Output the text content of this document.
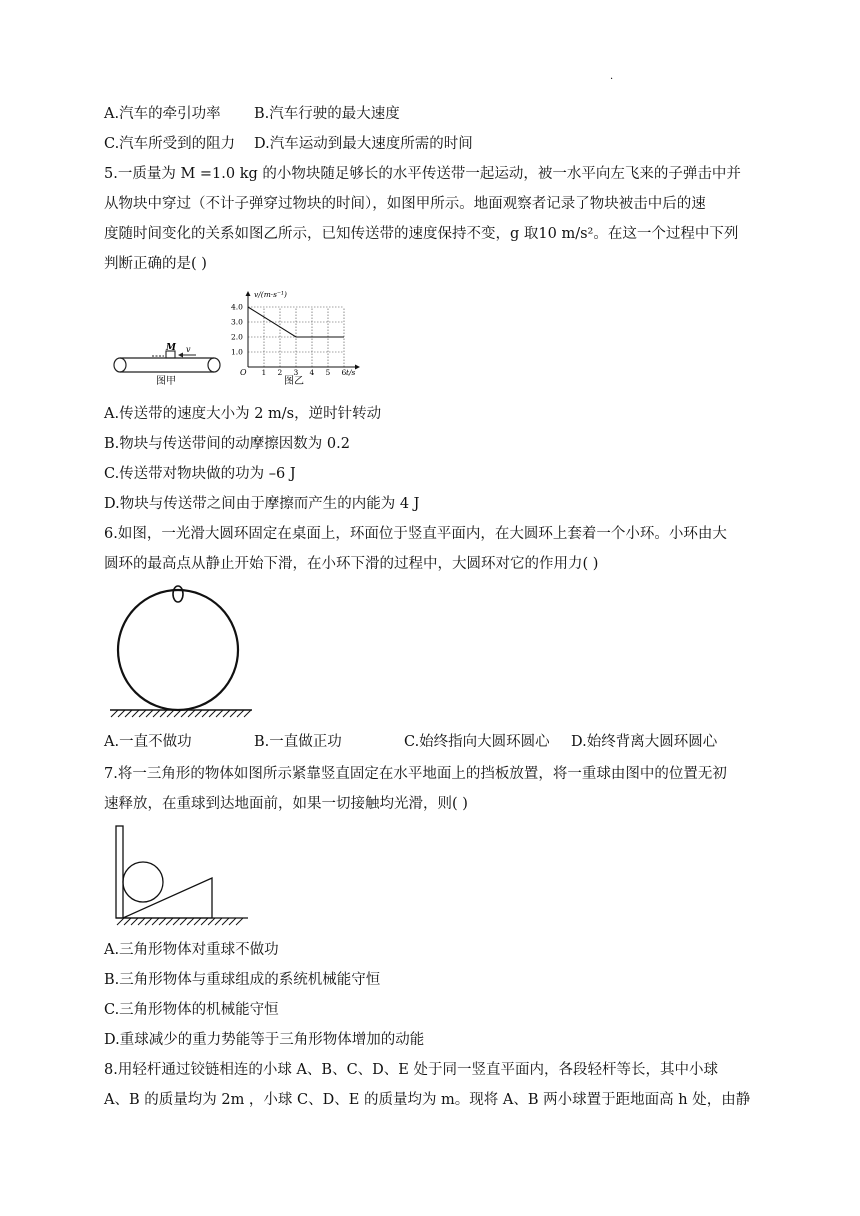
·
A.汽车的牵引功率 B.汽车行驶的最大速度
C.汽车所受到的阻力 D.汽车运动到最大速度所需的时间
5.一质量为 M =1.0 kg 的小物块随足够长的水平传送带一起运动，被一水平向左飞来的子弹击中并
从物块中穿过（不计子弹穿过物块的时间），如图甲所示。地面观察者记录了物块被击中后的速
度随时间变化的关系如图乙所示，已知传送带的速度保持不变，g 取10 m/s²。在这一个过程中下列
判断正确的是( )
M v
图甲
1 2 3 4 5 6
1.0
2.0
3.0
4.0
v/(m·s⁻¹)
t/s
O
图乙
A.传送带的速度大小为 2 m/s，逆时针转动
B.物块与传送带间的动摩擦因数为 0.2
C.传送带对物块做的功为 –6 J
D.物块与传送带之间由于摩擦而产生的内能为 4 J
6.如图，一光滑大圆环固定在桌面上，环面位于竖直平面内，在大圆环上套着一个小环。小环由大
圆环的最高点从静止开始下滑，在小环下滑的过程中，大圆环对它的作用力( )
A.一直不做功	B.一直做正功	C.始终指向大圆环圆心 D.始终背离大圆环圆心
7.将一三角形的物体如图所示紧靠竖直固定在水平地面上的挡板放置，将一重球由图中的位置无初
速释放，在重球到达地面前，如果一切接触均光滑，则( )
A.三角形物体对重球不做功
B.三角形物体与重球组成的系统机械能守恒
C.三角形物体的机械能守恒
D.重球减少的重力势能等于三角形物体增加的动能
8.用轻杆通过铰链相连的小球 A、B、C、D、E 处于同一竖直平面内，各段轻杆等长，其中小球
A、B 的质量均为 2m ，小球 C、D、E 的质量均为 m。现将 A、B 两小球置于距地面高 h 处，由静
